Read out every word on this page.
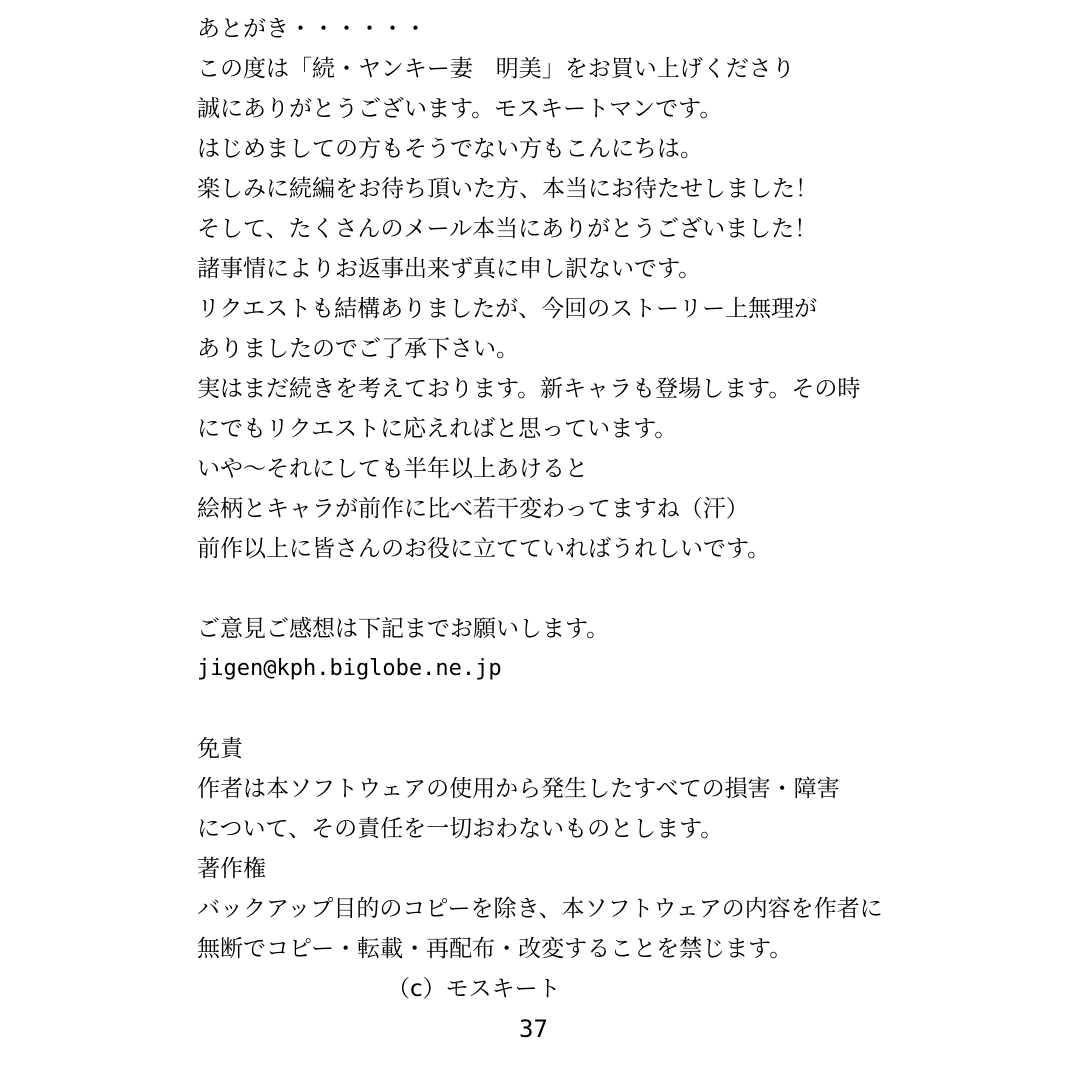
あとがき・・・・・・
この度は「続・ヤンキー妻　明美」をお買い上げくださり
誠にありがとうございます。モスキートマンです。
はじめましての方もそうでない方もこんにちは。
楽しみに続編をお待ち頂いた方、本当にお待たせしました！
そして、たくさんのメール本当にありがとうございました！
諸事情によりお返事出来ず真に申し訳ないです。
リクエストも結構ありましたが、今回のストーリー上無理が
ありましたのでご了承下さい。
実はまだ続きを考えております。新キャラも登場します。その時
にでもリクエストに応えればと思っています。
いや〜それにしても半年以上あけると
絵柄とキャラが前作に比べ若干変わってますね（汗）
前作以上に皆さんのお役に立てていればうれしいです。
ご意見ご感想は下記までお願いします。
jigen@kph.biglobe.ne.jp
免責
作者は本ソフトウェアの使用から発生したすべての損害・障害
について、その責任を一切おわないものとします。
著作権
バックアップ目的のコピーを除き、本ソフトウェアの内容を作者に
無断でコピー・転載・再配布・改変することを禁じます。
（c）モスキート
37
